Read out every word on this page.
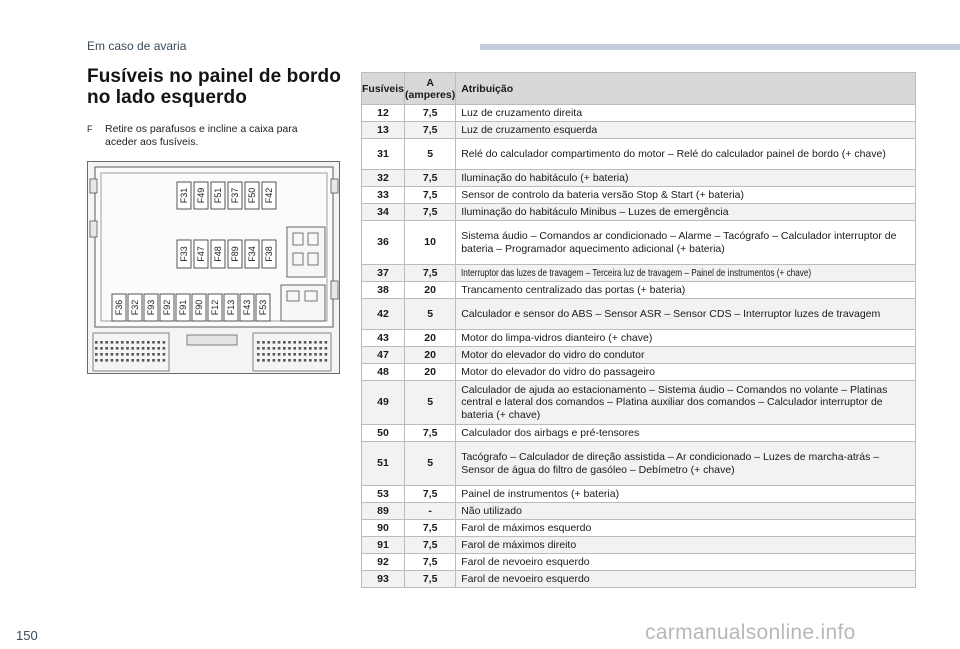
Em caso de avaria
Fusíveis no painel de bordo no lado esquerdo
F	Retire os parafusos e incline a caixa para aceder aos fusíveis.
F31 F49 F51 F37 F50 F42
F33 F47 F48 F89 F34 F38
F36 F32 F93 F92 F91 F90 F12 F13 F43 F53
Fusíveis	A (amperes)	Atribuição
12	7,5	Luz de cruzamento direita
13	7,5	Luz de cruzamento esquerda
31	5	Relé do calculador compartimento do motor – Relé do calculador painel de bordo (+ chave)
32	7,5	Iluminação do habitáculo (+ bateria)
33	7,5	Sensor de controlo da bateria versão Stop & Start (+ bateria)
34	7,5	Iluminação do habitáculo Minibus – Luzes de emergência
36	10	Sistema áudio – Comandos ar condicionado – Alarme – Tacógrafo – Calculador interruptor de bateria – Programador aquecimento adicional (+ bateria)
37	7,5	Interruptor das luzes de travagem – Terceira luz de travagem – Painel de instrumentos (+ chave)
38	20	Trancamento centralizado das portas (+ bateria)
42	5	Calculador e sensor do ABS – Sensor ASR – Sensor CDS – Interruptor luzes de travagem
43	20	Motor do limpa-vidros dianteiro (+ chave)
47	20	Motor do elevador do vidro do condutor
48	20	Motor do elevador do vidro do passageiro
49	5	Calculador de ajuda ao estacionamento – Sistema áudio – Comandos no volante – Platinas central e lateral dos comandos – Platina auxiliar dos comandos – Calculador interruptor de bateria (+ chave)
50	7,5	Calculador dos airbags e pré-tensores
51	5	Tacógrafo – Calculador de direção assistida – Ar condicionado – Luzes de marcha-atrás – Sensor de água do filtro de gasóleo – Debímetro (+ chave)
53	7,5	Painel de instrumentos (+ bateria)
89	-	Não utilizado
90	7,5	Farol de máximos esquerdo
91	7,5	Farol de máximos direito
92	7,5	Farol de nevoeiro esquerdo
93	7,5	Farol de nevoeiro esquerdo
150	carmanualsonline.info
